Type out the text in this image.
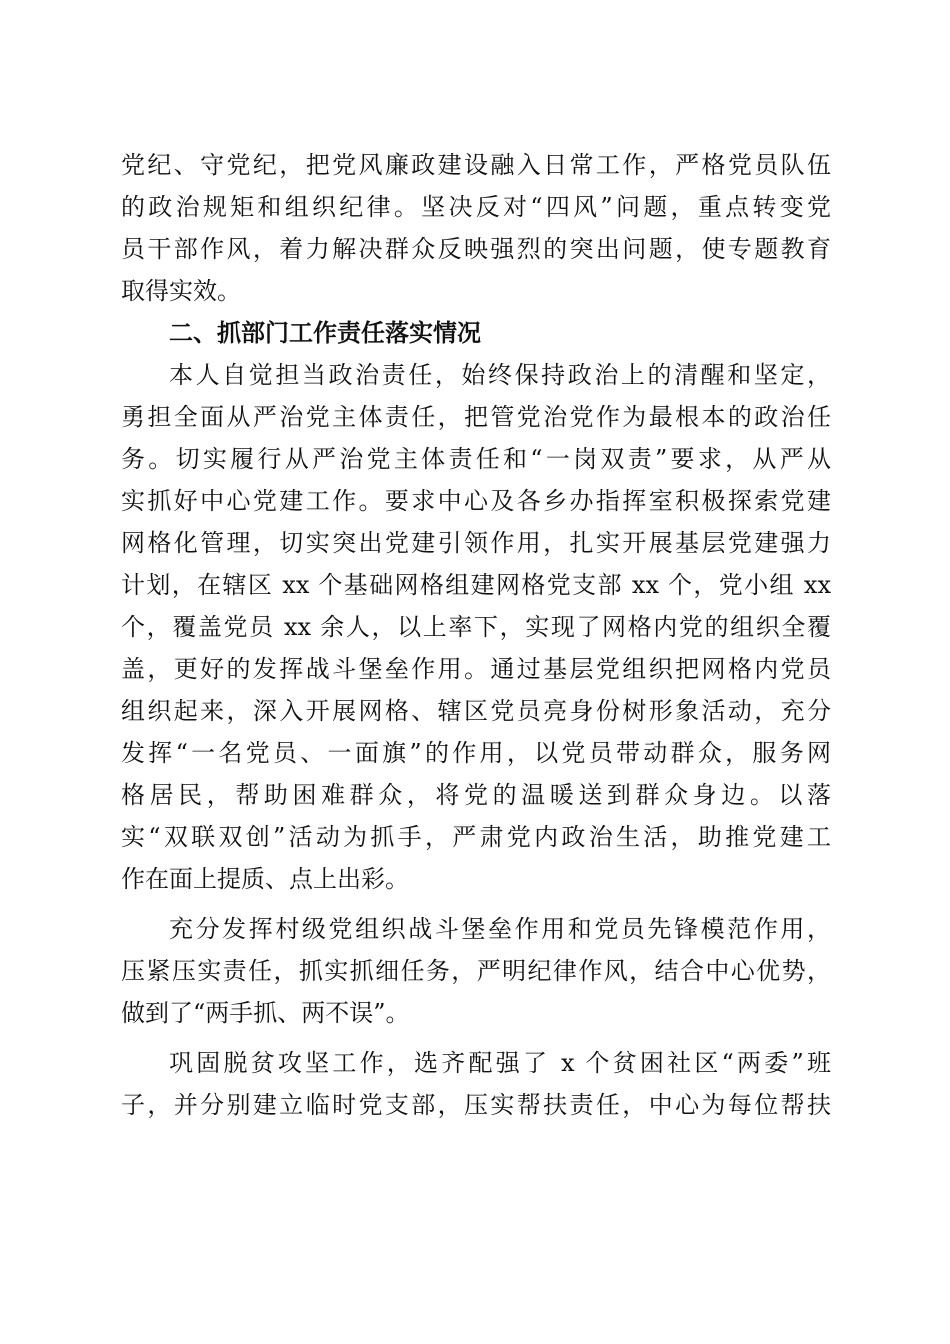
党纪、守党纪，把党风廉政建设融入日常工作，严格党员队伍
的政治规矩和组织纪律。坚决反对“四风”问题，重点转变党
员干部作风，着力解决群众反映强烈的突出问题，使专题教育
取得实效。

二、抓部门工作责任落实情况

本人自觉担当政治责任，始终保持政治上的清醒和坚定，
勇担全面从严治党主体责任，把管党治党作为最根本的政治任
务。切实履行从严治党主体责任和“一岗双责”要求，从严从
实抓好中心党建工作。要求中心及各乡办指挥室积极探索党建
网格化管理，切实突出党建引领作用，扎实开展基层党建强力
计划，在辖区 xx 个基础网格组建网格党支部 xx 个，党小组 xx
个，覆盖党员 xx 余人，以上率下，实现了网格内党的组织全覆
盖，更好的发挥战斗堡垒作用。通过基层党组织把网格内党员
组织起来，深入开展网格、辖区党员亮身份树形象活动，充分
发挥“一名党员、一面旗”的作用，以党员带动群众，服务网
格居民，帮助困难群众，将党的温暖送到群众身边。以落
实“双联双创”活动为抓手，严肃党内政治生活，助推党建工
作在面上提质、点上出彩。

充分发挥村级党组织战斗堡垒作用和党员先锋模范作用，
压紧压实责任，抓实抓细任务，严明纪律作风，结合中心优势，
做到了“两手抓、两不误”。

巩固脱贫攻坚工作，选齐配强了 x 个贫困社区“两委”班
子，并分别建立临时党支部，压实帮扶责任，中心为每位帮扶
